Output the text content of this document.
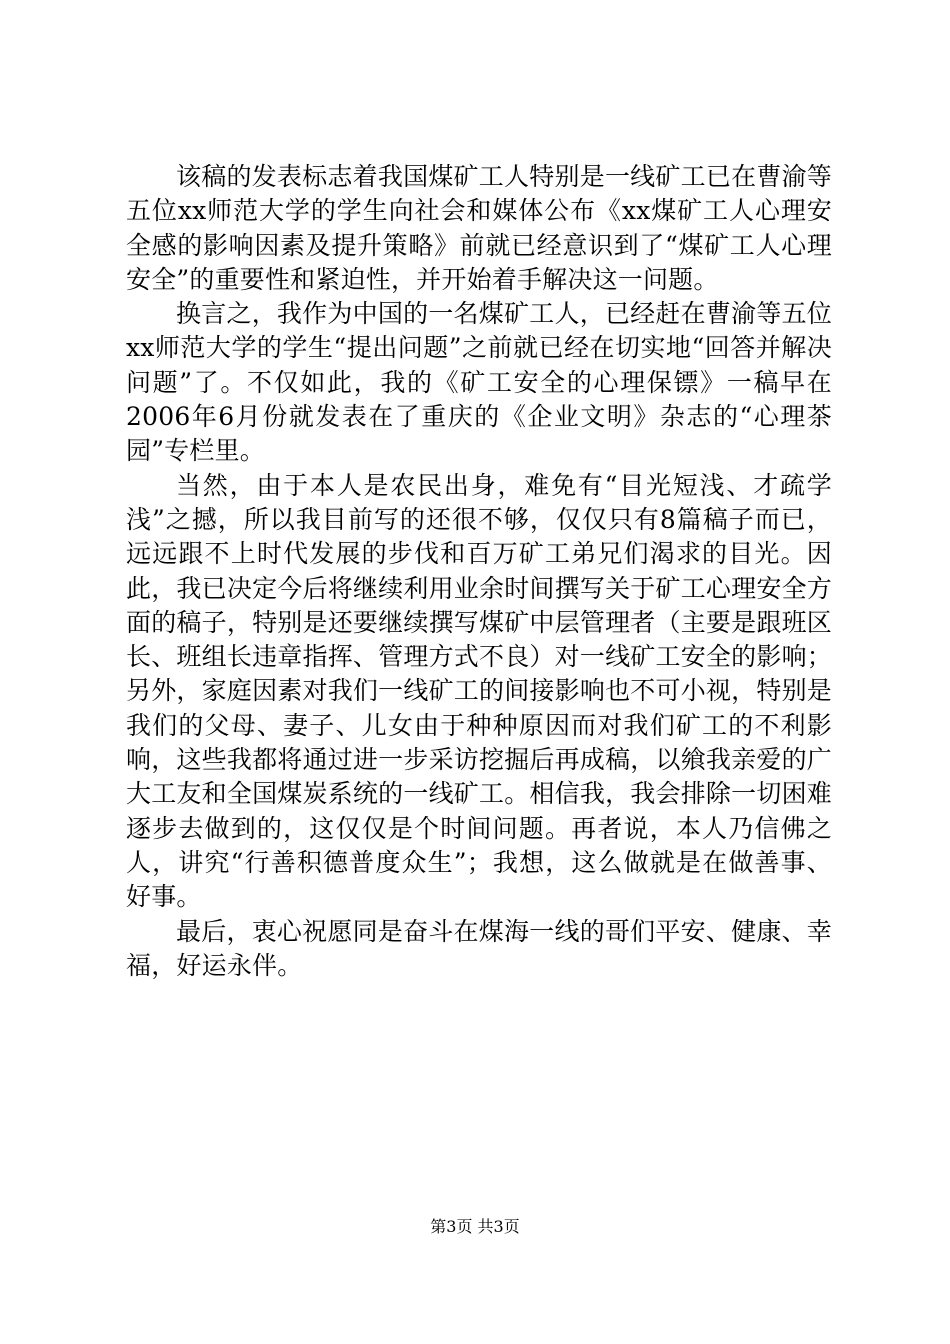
该稿的发表标志着我国煤矿工人特别是一线矿工已在曹渝等五位xx师范大学的学生向社会和媒体公布《xx煤矿工人心理安全感的影响因素及提升策略》前就已经意识到了“煤矿工人心理安全”的重要性和紧迫性，并开始着手解决这一问题。

换言之，我作为中国的一名煤矿工人，已经赶在曹渝等五位xx师范大学的学生“提出问题”之前就已经在切实地“回答并解决问题”了。不仅如此，我的《矿工安全的心理保镖》一稿早在2006年6月份就发表在了重庆的《企业文明》杂志的“心理茶园”专栏里。

当然，由于本人是农民出身，难免有“目光短浅、才疏学浅”之撼，所以我目前写的还很不够，仅仅只有8篇稿子而已，远远跟不上时代发展的步伐和百万矿工弟兄们渴求的目光。因此，我已决定今后将继续利用业余时间撰写关于矿工心理安全方面的稿子，特别是还要继续撰写煤矿中层管理者（主要是跟班区长、班组长违章指挥、管理方式不良）对一线矿工安全的影响；另外，家庭因素对我们一线矿工的间接影响也不可小视，特别是我们的父母、妻子、儿女由于种种原因而对我们矿工的不利影响，这些我都将通过进一步采访挖掘后再成稿，以飨我亲爱的广大工友和全国煤炭系统的一线矿工。相信我，我会排除一切困难逐步去做到的，这仅仅是个时间问题。再者说，本人乃信佛之人，讲究“行善积德普度众生”；我想，这么做就是在做善事、好事。

最后，衷心祝愿同是奋斗在煤海一线的哥们平安、健康、幸福，好运永伴。

第3页 共3页
